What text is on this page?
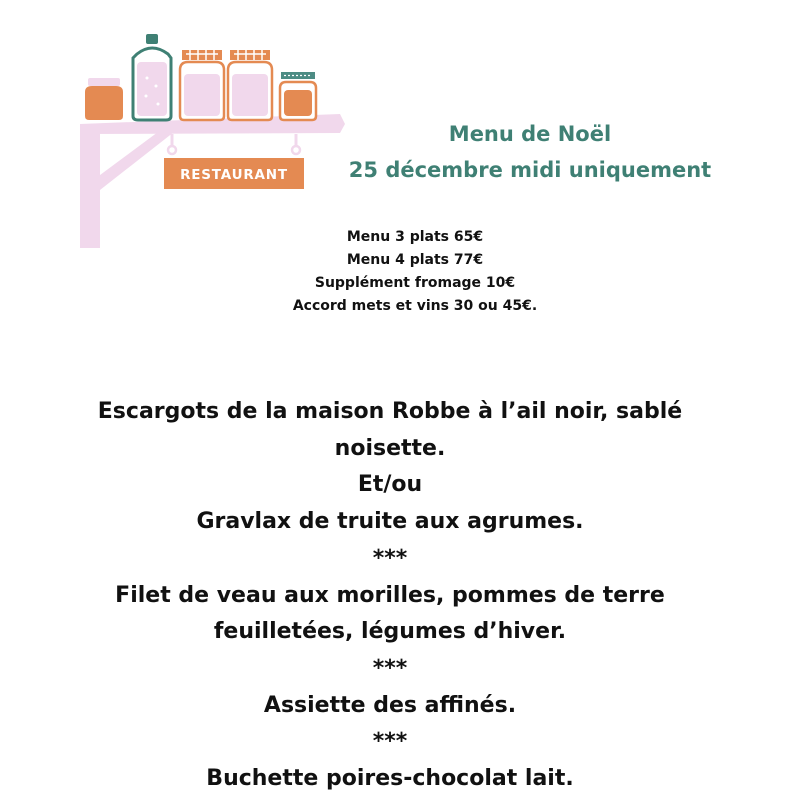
RESTAURANT
Menu de Noël
25 décembre midi uniquement
Menu 3 plats 65€
Menu 4 plats 77€
Supplément fromage 10€
Accord mets et vins 30 ou 45€.
Escargots de la maison Robbe à l’ail noir, sablé
noisette.
Et/ou
Gravlax de truite aux agrumes.
***
Filet de veau aux morilles, pommes de terre
feuilletées, légumes d’hiver.
***
Assiette des affinés.
***
Buchette poires-chocolat lait.
